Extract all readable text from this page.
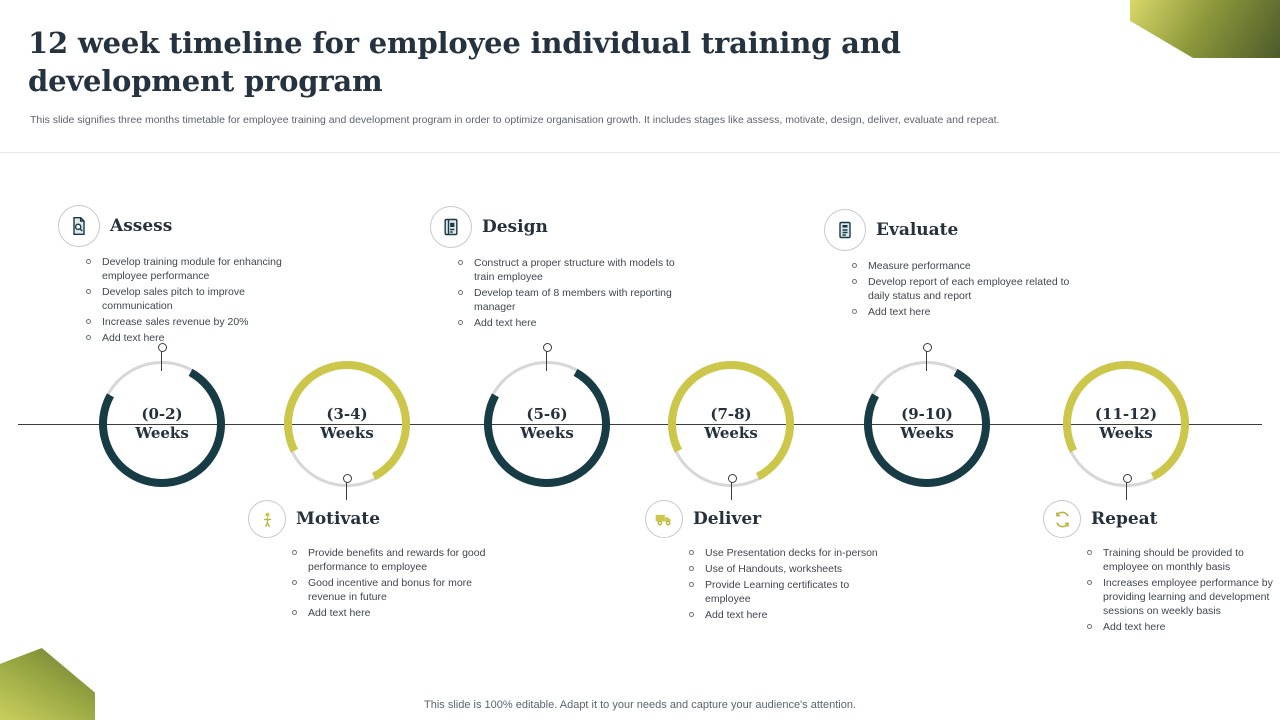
12 week timeline for employee individual training and development program
This slide signifies three months timetable for employee training and development program in order to optimize organisation growth. It includes stages like assess, motivate, design, deliver, evaluate and repeat.
(0-2)
Weeks
(3-4)
Weeks
(5-6)
Weeks
(7-8)
Weeks
(9-10)
Weeks
(11-12)
Weeks
Assess
Develop training module for enhancing employee performance
Develop sales pitch to improve communication
Increase sales revenue by 20%
Add text here
Design
Construct a proper structure with models to train employee
Develop team of 8 members with reporting manager
Add text here
Evaluate
Measure performance
Develop report of each employee related to daily status and report
Add text here
Motivate
Provide benefits and rewards for good performance to employee
Good incentive and bonus for more revenue in future
Add text here
Deliver
Use Presentation decks for in-person
Use of Handouts, worksheets
Provide Learning certificates to employee
Add text here
Repeat
Training should be provided to employee on monthly basis
Increases employee performance by providing learning and development sessions on weekly basis
Add text here
This slide is 100% editable. Adapt it to your needs and capture your audience's attention.
